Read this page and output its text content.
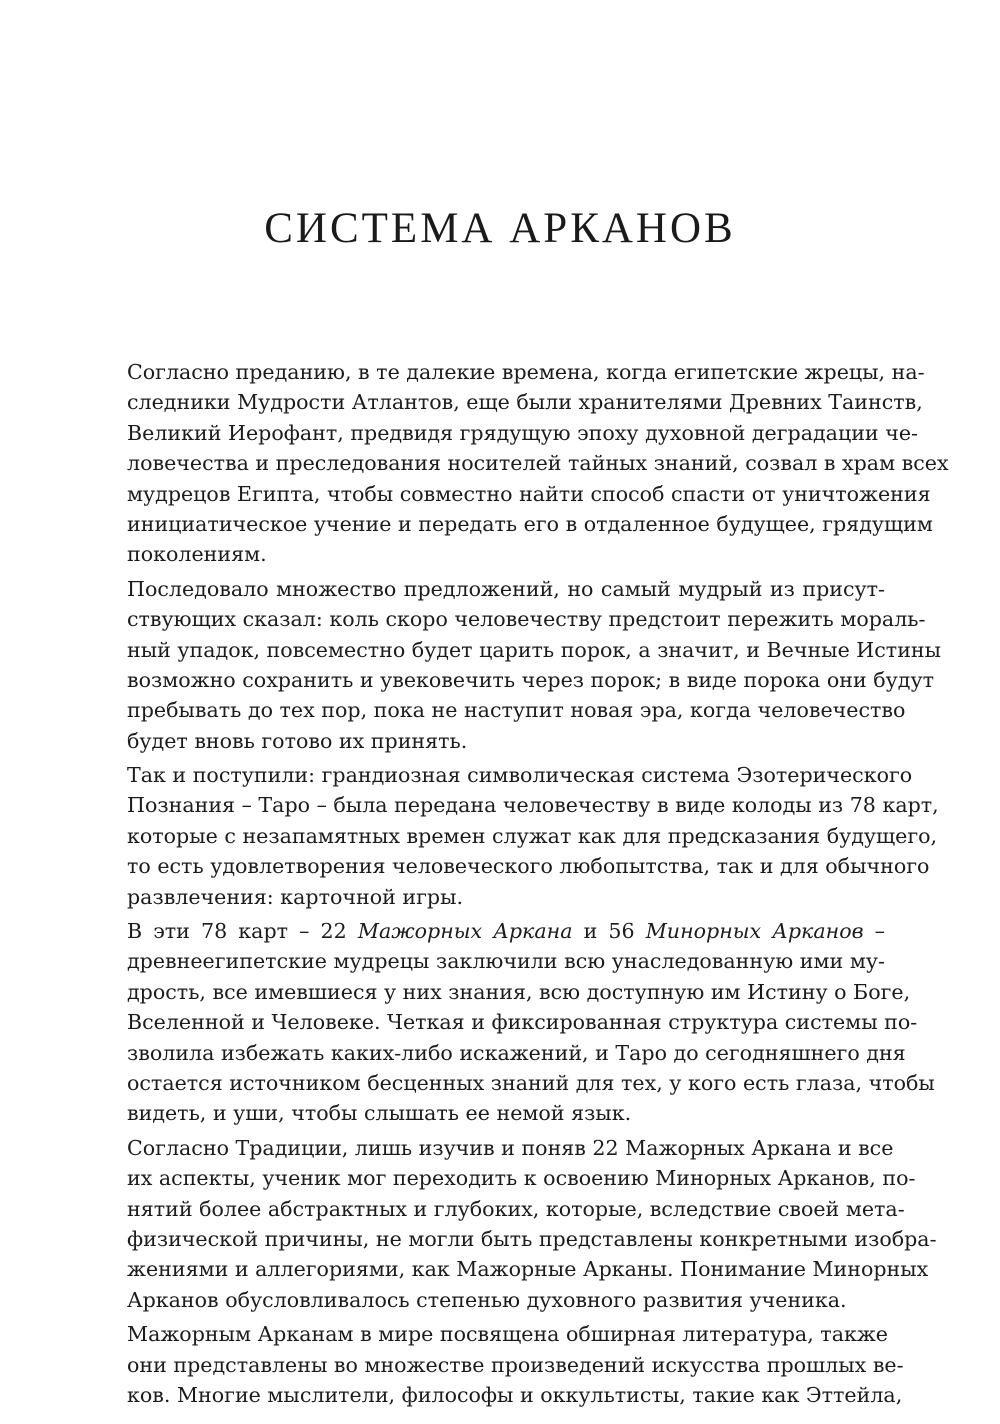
СИСТЕМА АРКАНОВ

Согласно преданию, в те далекие времена, когда египетские жрецы, на-
следники Мудрости Атлантов, еще были хранителями Древних Таинств,
Великий Иерофант, предвидя грядущую эпоху духовной деградации че-
ловечества и преследования носителей тайных знаний, созвал в храм всех
мудрецов Египта, чтобы совместно найти способ спасти от уничтожения
инициатическое учение и передать его в отдаленное будущее, грядущим
поколениям.

Последовало множество предложений, но самый мудрый из присут-
ствующих сказал: коль скоро человечеству предстоит пережить мораль-
ный упадок, повсеместно будет царить порок, а значит, и Вечные Истины
возможно сохранить и увековечить через порок; в виде порока они будут
пребывать до тех пор, пока не наступит новая эра, когда человечество
будет вновь готово их принять.

Так и поступили: грандиозная символическая система Эзотерического
Познания – Таро – была передана человечеству в виде колоды из 78 карт,
которые с незапамятных времен служат как для предсказания будущего,
то есть удовлетворения человеческого любопытства, так и для обычного
развлечения: карточной игры.

В эти 78 карт – 22 Мажорных Аркана и 56 Минорных Арканов –
древнеегипетские мудрецы заключили всю унаследованную ими му-
дрость, все имевшиеся у них знания, всю доступную им Истину о Боге,
Вселенной и Человеке. Четкая и фиксированная структура системы по-
зволила избежать каких-либо искажений, и Таро до сегодняшнего дня
остается источником бесценных знаний для тех, у кого есть глаза, чтобы
видеть, и уши, чтобы слышать ее немой язык.

Согласно Традиции, лишь изучив и поняв 22 Мажорных Аркана и все
их аспекты, ученик мог переходить к освоению Минорных Арканов, по-
нятий более абстрактных и глубоких, которые, вследствие своей мета-
физической причины, не могли быть представлены конкретными изобра-
жениями и аллегориями, как Мажорные Арканы. Понимание Минорных
Арканов обусловливалось степенью духовного развития ученика.

Мажорным Арканам в мире посвящена обширная литература, также
они представлены во множестве произведений искусства прошлых ве-
ков. Многие мыслители, философы и оккультисты, такие как Эттейла,
